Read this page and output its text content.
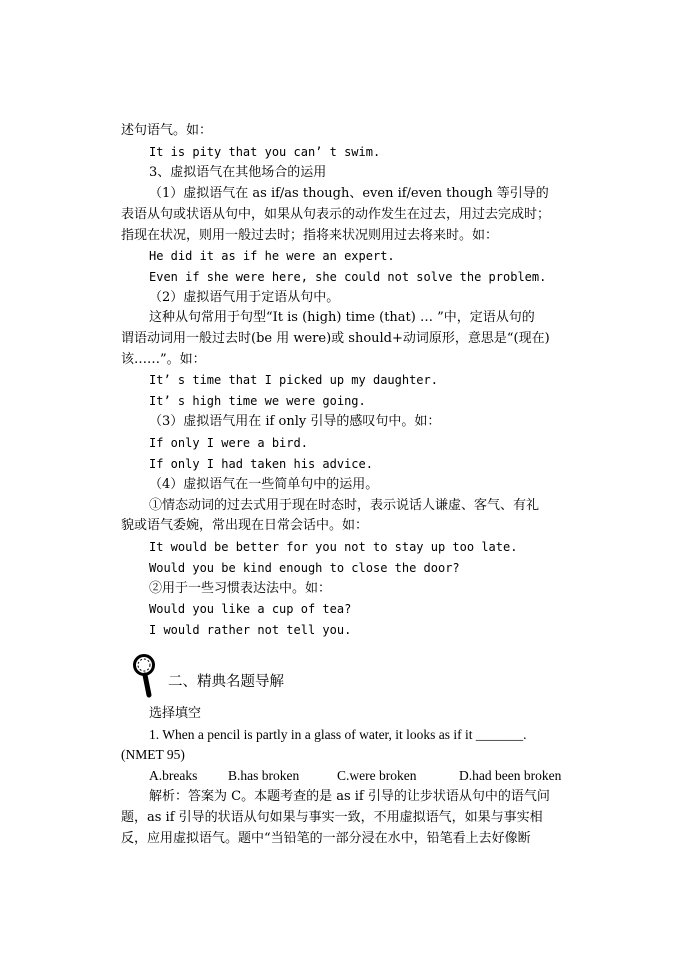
述句语气。如：
It is pity that you can’ t swim.
3、虚拟语气在其他场合的运用
（1）虚拟语气在 as if/as though、even if/even though 等引导的
表语从句或状语从句中，如果从句表示的动作发生在过去，用过去完成时；
指现在状况，则用一般过去时；指将来状况则用过去将来时。如：
He did it as if he were an expert.
Even if she were here, she could not solve the problem.
（2）虚拟语气用于定语从句中。
这种从句常用于句型“It is (high) time (that) … ”中，定语从句的
谓语动词用一般过去时(be 用 were)或 should+动词原形，意思是“(现在)
该……”。如：
It’ s time that I picked up my daughter.
It’ s high time we were going.
（3）虚拟语气用在 if only 引导的感叹句中。如：
If only I were a bird.
If only I had taken his advice.
（4）虚拟语气在一些简单句中的运用。
①情态动词的过去式用于现在时态时，表示说话人谦虚、客气、有礼
貌或语气委婉，常出现在日常会话中。如：
It would be better for you not to stay up too late.
Would you be kind enough to close the door?
②用于一些习惯表达法中。如：
Would you like a cup of tea?
I would rather not tell you.
二、精典名题导解
选择填空
1. When a pencil is partly in a glass of water, it looks as if it _______.
(NMET 95)
A.breaks B.has broken	C.were broken	D.had been broken
解析：答案为 C。本题考查的是 as if 引导的让步状语从句中的语气问
题，as if 引导的状语从句如果与事实一致，不用虚拟语气，如果与事实相
反，应用虚拟语气。题中“当铅笔的一部分浸在水中，铅笔看上去好像断
